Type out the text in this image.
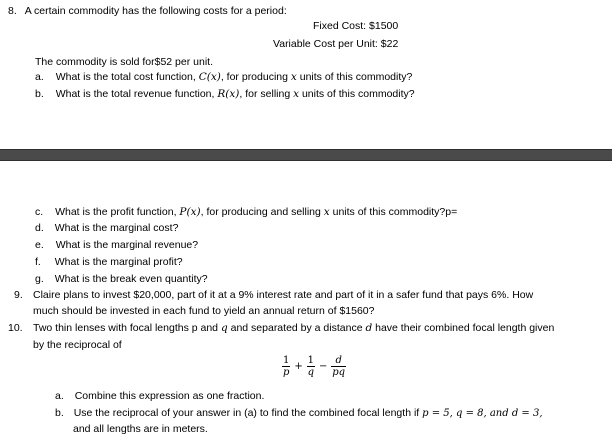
8. A certain commodity has the following costs for a period:
Fixed Cost: $1500
Variable Cost per Unit: $22
The commodity is sold for$52 per unit.
a. What is the total cost function, C(x), for producing x units of this commodity?
b. What is the total revenue function, R(x), for selling x units of this commodity?
c. What is the profit function, P(x), for producing and selling x units of this commodity?p=
d. What is the marginal cost?
e. What is the marginal revenue?
f. What is the marginal profit?
g. What is the break even quantity?
9. Claire plans to invest $20,000, part of it at a 9% interest rate and part of it in a safer fund that pays 6%. How
much should be invested in each fund to yield an annual return of $1560?
10. Two thin lenses with focal lengths p and q and separated by a distance d have their combined focal length given
by the reciprocal of
$\frac{1}{p} + \frac{1}{q} - \frac{d}{pq}$
a. Combine this expression as one fraction.
b. Use the reciprocal of your answer in (a) to find the combined focal length if p = 5, q = 8, and d = 3,
and all lengths are in meters.
